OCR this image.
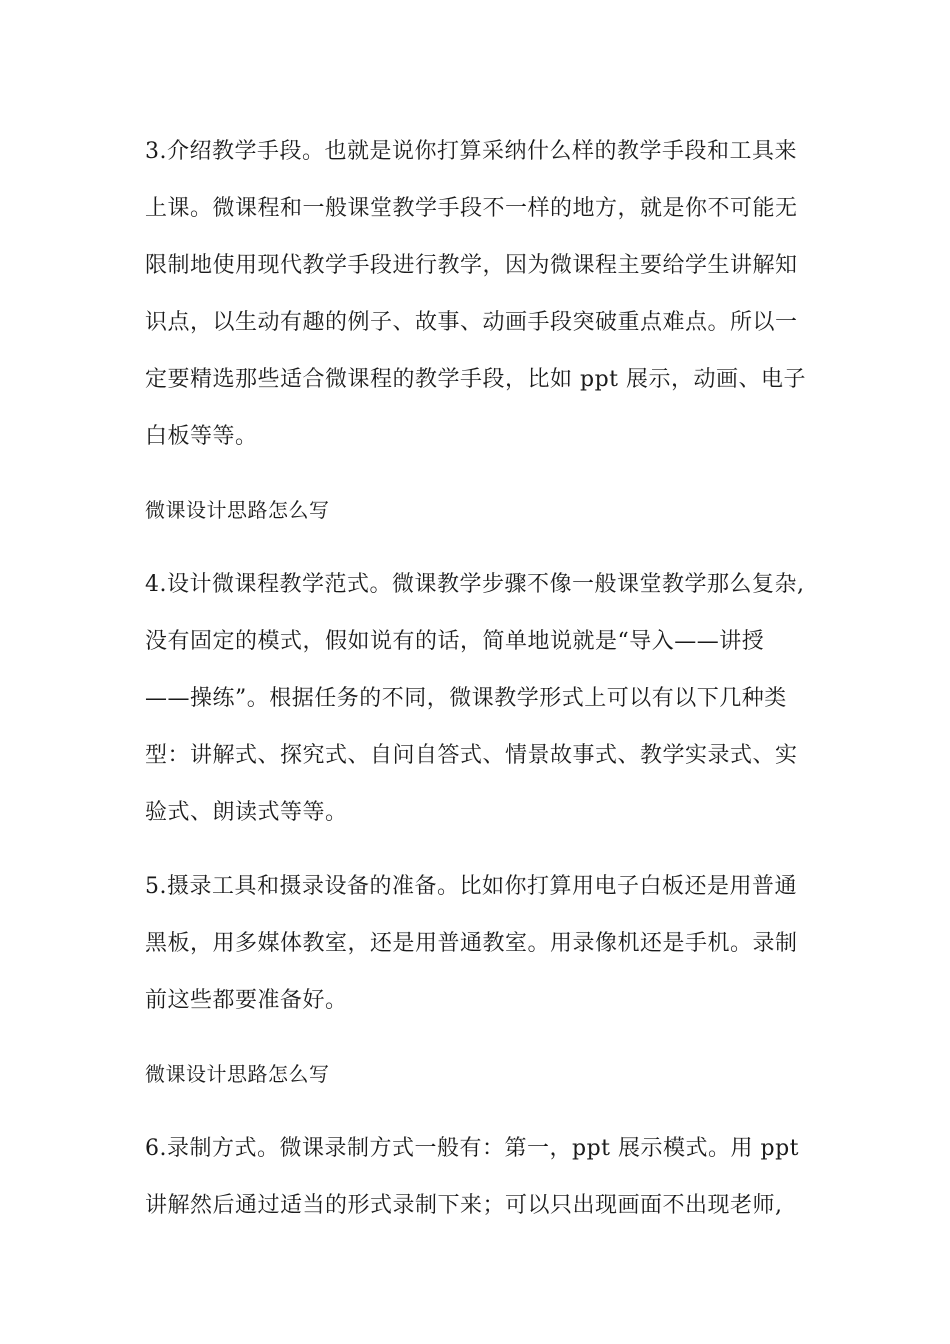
3.介绍教学手段。也就是说你打算采纳什么样的教学手段和工具来
上课。微课程和一般课堂教学手段不一样的地方，就是你不可能无
限制地使用现代教学手段进行教学，因为微课程主要给学生讲解知
识点，以生动有趣的例子、故事、动画手段突破重点难点。所以一
定要精选那些适合微课程的教学手段，比如 ppt 展示，动画、电子
白板等等。

微课设计思路怎么写

4.设计微课程教学范式。微课教学步骤不像一般课堂教学那么复杂,
没有固定的模式，假如说有的话，简单地说就是“导入——讲授
——操练”。根据任务的不同，微课教学形式上可以有以下几种类
型：讲解式、探究式、自问自答式、情景故事式、教学实录式、实
验式、朗读式等等。

5.摄录工具和摄录设备的准备。比如你打算用电子白板还是用普通
黑板，用多媒体教室，还是用普通教室。用录像机还是手机。录制
前这些都要准备好。

微课设计思路怎么写

6.录制方式。微课录制方式一般有：第一，ppt 展示模式。用 ppt
讲解然后通过适当的形式录制下来；可以只出现画面不出现老师,
